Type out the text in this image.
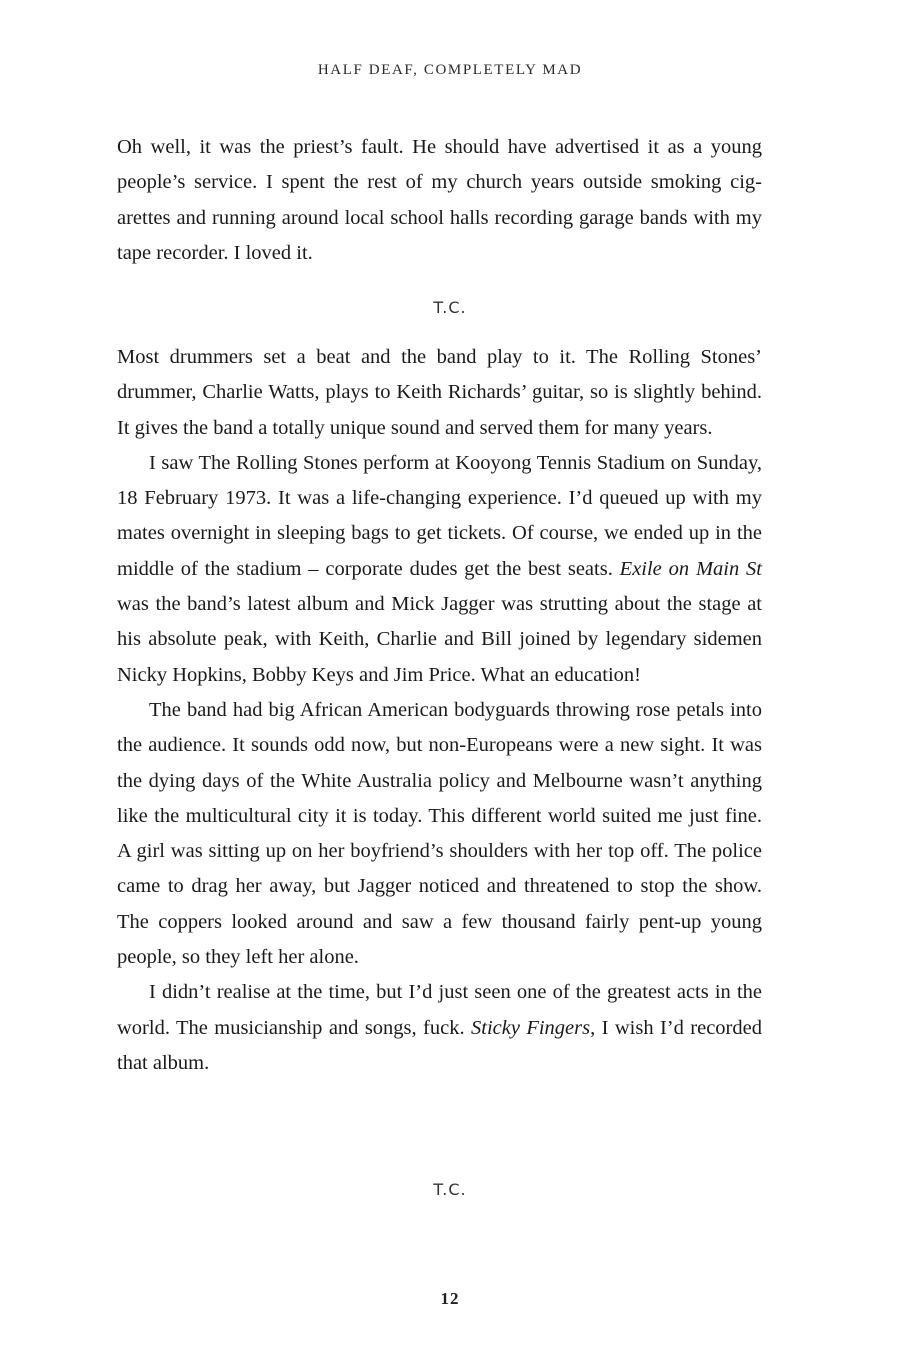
HALF DEAF, COMPLETELY MAD

Oh well, it was the priest’s fault. He should have advertised it as a young people’s service. I spent the rest of my church years outside smoking cig-arettes and running around local school halls recording garage bands with my tape recorder. I loved it.

T.C.

Most drummers set a beat and the band play to it. The Rolling Stones’ drummer, Charlie Watts, plays to Keith Richards’ guitar, so is slightly behind. It gives the band a totally unique sound and served them for many years.

I saw The Rolling Stones perform at Kooyong Tennis Stadium on Sunday, 18 February 1973. It was a life-changing experience. I’d queued up with my mates overnight in sleeping bags to get tickets. Of course, we ended up in the middle of the stadium – corporate dudes get the best seats. Exile on Main St was the band’s latest album and Mick Jagger was strutting about the stage at his absolute peak, with Keith, Charlie and Bill joined by legendary sidemen Nicky Hopkins, Bobby Keys and Jim Price. What an education!

The band had big African American bodyguards throwing rose petals into the audience. It sounds odd now, but non-Europeans were a new sight. It was the dying days of the White Australia policy and Melbourne wasn’t anything like the multicultural city it is today. This different world suited me just fine. A girl was sitting up on her boyfriend’s shoulders with her top off. The police came to drag her away, but Jagger noticed and threatened to stop the show. The coppers looked around and saw a few thousand fairly pent-up young people, so they left her alone.

I didn’t realise at the time, but I’d just seen one of the greatest acts in the world. The musicianship and songs, fuck. Sticky Fingers, I wish I’d recorded that album.

T.C.
12
